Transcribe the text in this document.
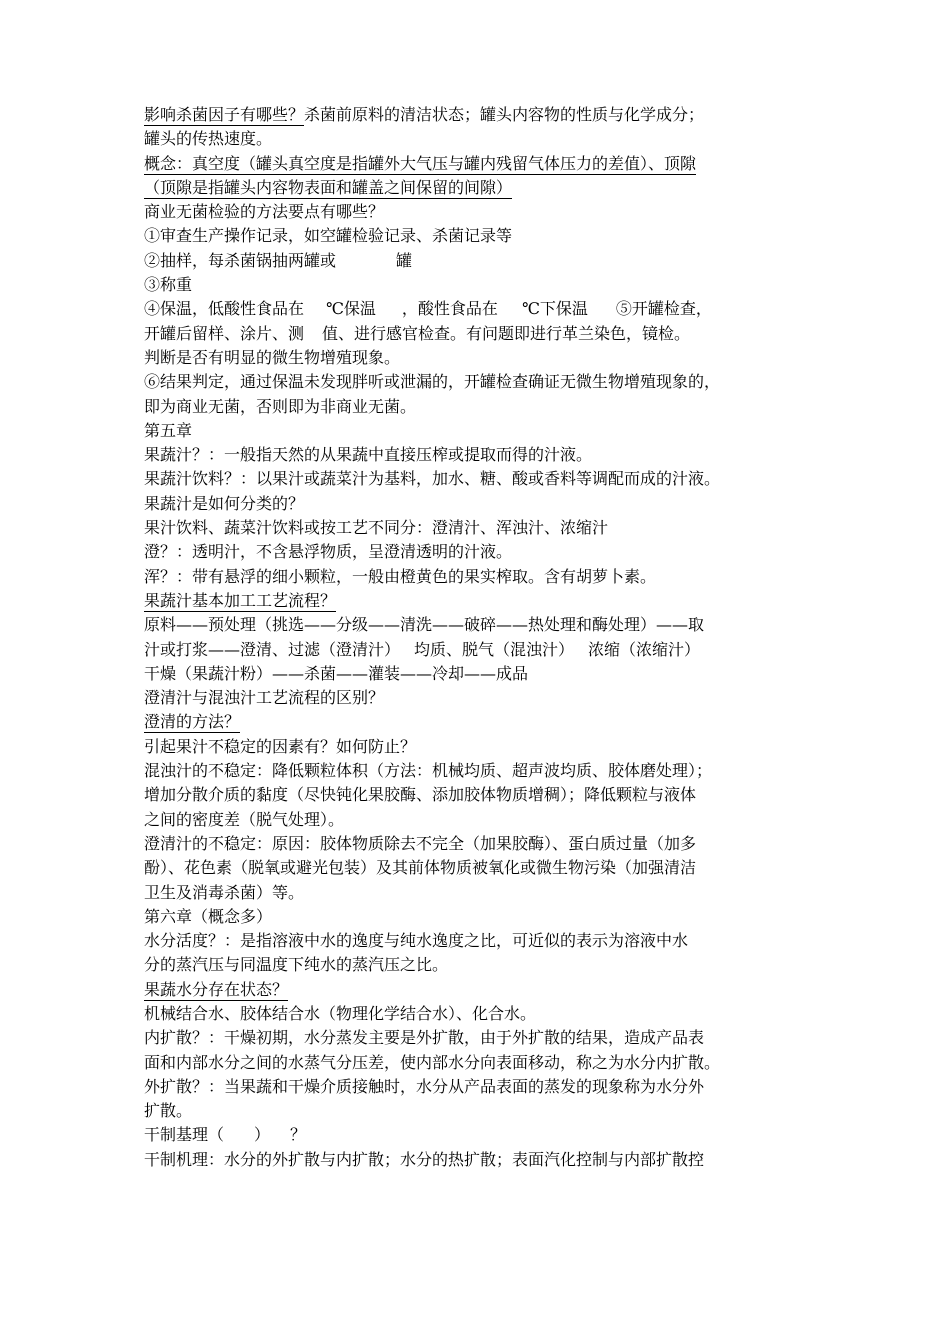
影响杀菌因子有哪些？杀菌前原料的清洁状态；罐头内容物的性质与化学成分；
罐头的传热速度。
概念：真空度（罐头真空度是指罐外大气压与罐内残留气体压力的差值）、顶隙
（顶隙是指罐头内容物表面和罐盖之间保留的间隙）
商业无菌检验的方法要点有哪些？
①审查生产操作记录，如空罐检验记录、杀菌记录等
②抽样，每杀菌锅抽两罐或	罐
③称重
④保温，低酸性食品在 ℃保温 ，酸性食品在 ℃下保温 ⑤开罐检查，
开罐后留样、涂片、测 值、进行感官检查。有问题即进行革兰染色，镜检。
判断是否有明显的微生物增殖现象。
⑥结果判定，通过保温未发现胖听或泄漏的，开罐检查确证无微生物增殖现象的，
即为商业无菌，否则即为非商业无菌。
第五章
果蔬汁？：一般指天然的从果蔬中直接压榨或提取而得的汁液。
果蔬汁饮料？：以果汁或蔬菜汁为基料，加水、糖、酸或香料等调配而成的汁液。
果蔬汁是如何分类的？
果汁饮料、蔬菜汁饮料或按工艺不同分：澄清汁、浑浊汁、浓缩汁
澄？：透明汁，不含悬浮物质，呈澄清透明的汁液。
浑？：带有悬浮的细小颗粒，一般由橙黄色的果实榨取。含有胡萝卜素。
果蔬汁基本加工工艺流程？
原料——预处理（挑选——分级——清洗——破碎——热处理和酶处理）——取
汁或打浆——澄清、过滤（澄清汁） 均质、脱气（混浊汁） 浓缩（浓缩汁）
干燥（果蔬汁粉）——杀菌——灌装——冷却——成品
澄清汁与混浊汁工艺流程的区别？
澄清的方法？
引起果汁不稳定的因素有？如何防止？
混浊汁的不稳定：降低颗粒体积（方法：机械均质、超声波均质、胶体磨处理）；
增加分散介质的黏度（尽快钝化果胶酶、添加胶体物质增稠）；降低颗粒与液体
之间的密度差（脱气处理）。
澄清汁的不稳定：原因：胶体物质除去不完全（加果胶酶）、蛋白质过量（加多
酚）、花色素（脱氧或避光包装）及其前体物质被氧化或微生物污染（加强清洁
卫生及消毒杀菌）等。
第六章（概念多）
水分活度？：是指溶液中水的逸度与纯水逸度之比，可近似的表示为溶液中水
分的蒸汽压与同温度下纯水的蒸汽压之比。
果蔬水分存在状态？
机械结合水、胶体结合水（物理化学结合水）、化合水。
内扩散？：干燥初期，水分蒸发主要是外扩散，由于外扩散的结果，造成产品表
面和内部水分之间的水蒸气分压差，使内部水分向表面移动，称之为水分内扩散。
外扩散？：当果蔬和干燥介质接触时，水分从产品表面的蒸发的现象称为水分外
扩散。
干制基理（ ） ？
干制机理：水分的外扩散与内扩散；水分的热扩散；表面汽化控制与内部扩散控
